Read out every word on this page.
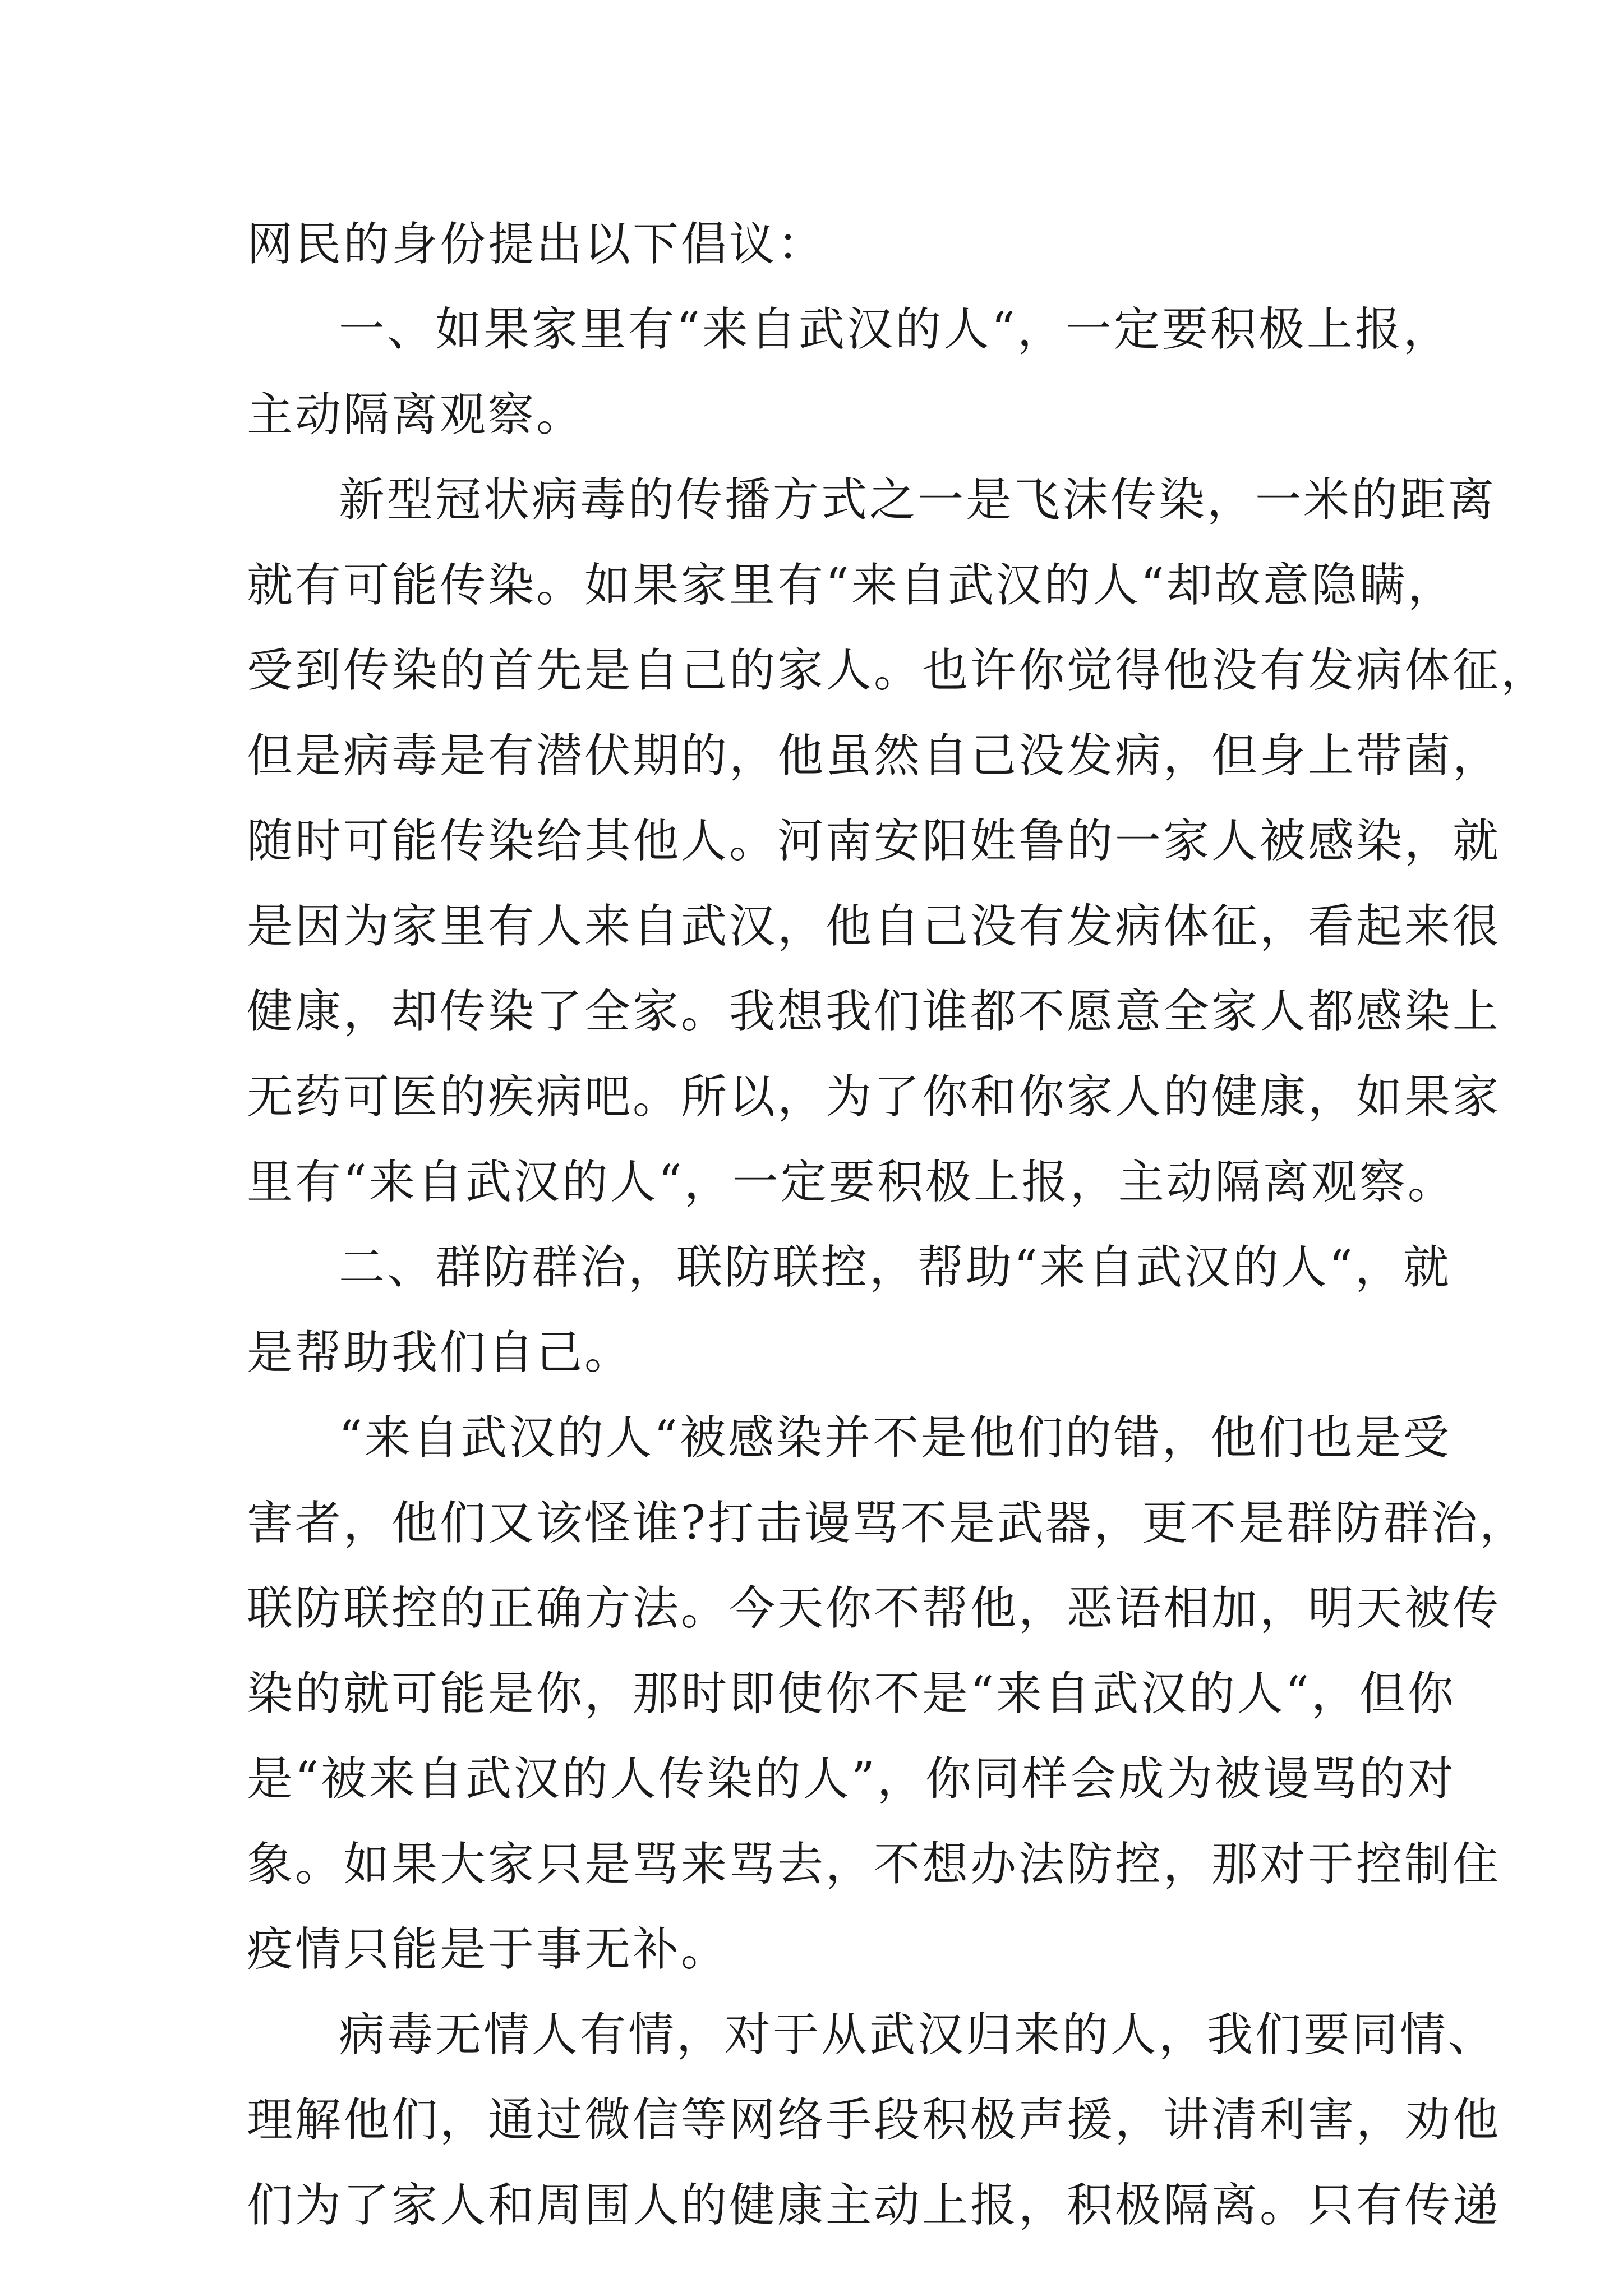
网民的身份提出以下倡议：
一、如果家里有“来自武汉的人“，一定要积极上报，
主动隔离观察。
新型冠状病毒的传播方式之一是飞沫传染，一米的距离
就有可能传染。如果家里有“来自武汉的人“却故意隐瞒，
受到传染的首先是自己的家人。也许你觉得他没有发病体征，
但是病毒是有潜伏期的，他虽然自己没发病，但身上带菌，
随时可能传染给其他人。河南安阳姓鲁的一家人被感染，就
是因为家里有人来自武汉，他自己没有发病体征，看起来很
健康，却传染了全家。我想我们谁都不愿意全家人都感染上
无药可医的疾病吧。所以，为了你和你家人的健康，如果家
里有“来自武汉的人“，一定要积极上报，主动隔离观察。
二、群防群治，联防联控，帮助“来自武汉的人“，就
是帮助我们自己。
“来自武汉的人“被感染并不是他们的错，他们也是受
害者，他们又该怪谁?打击谩骂不是武器，更不是群防群治，
联防联控的正确方法。今天你不帮他，恶语相加，明天被传
染的就可能是你，那时即使你不是“来自武汉的人“，但你
是“被来自武汉的人传染的人”，你同样会成为被谩骂的对
象。如果大家只是骂来骂去，不想办法防控，那对于控制住
疫情只能是于事无补。
病毒无情人有情，对于从武汉归来的人，我们要同情、
理解他们，通过微信等网络手段积极声援，讲清利害，劝他
们为了家人和周围人的健康主动上报，积极隔离。只有传递
